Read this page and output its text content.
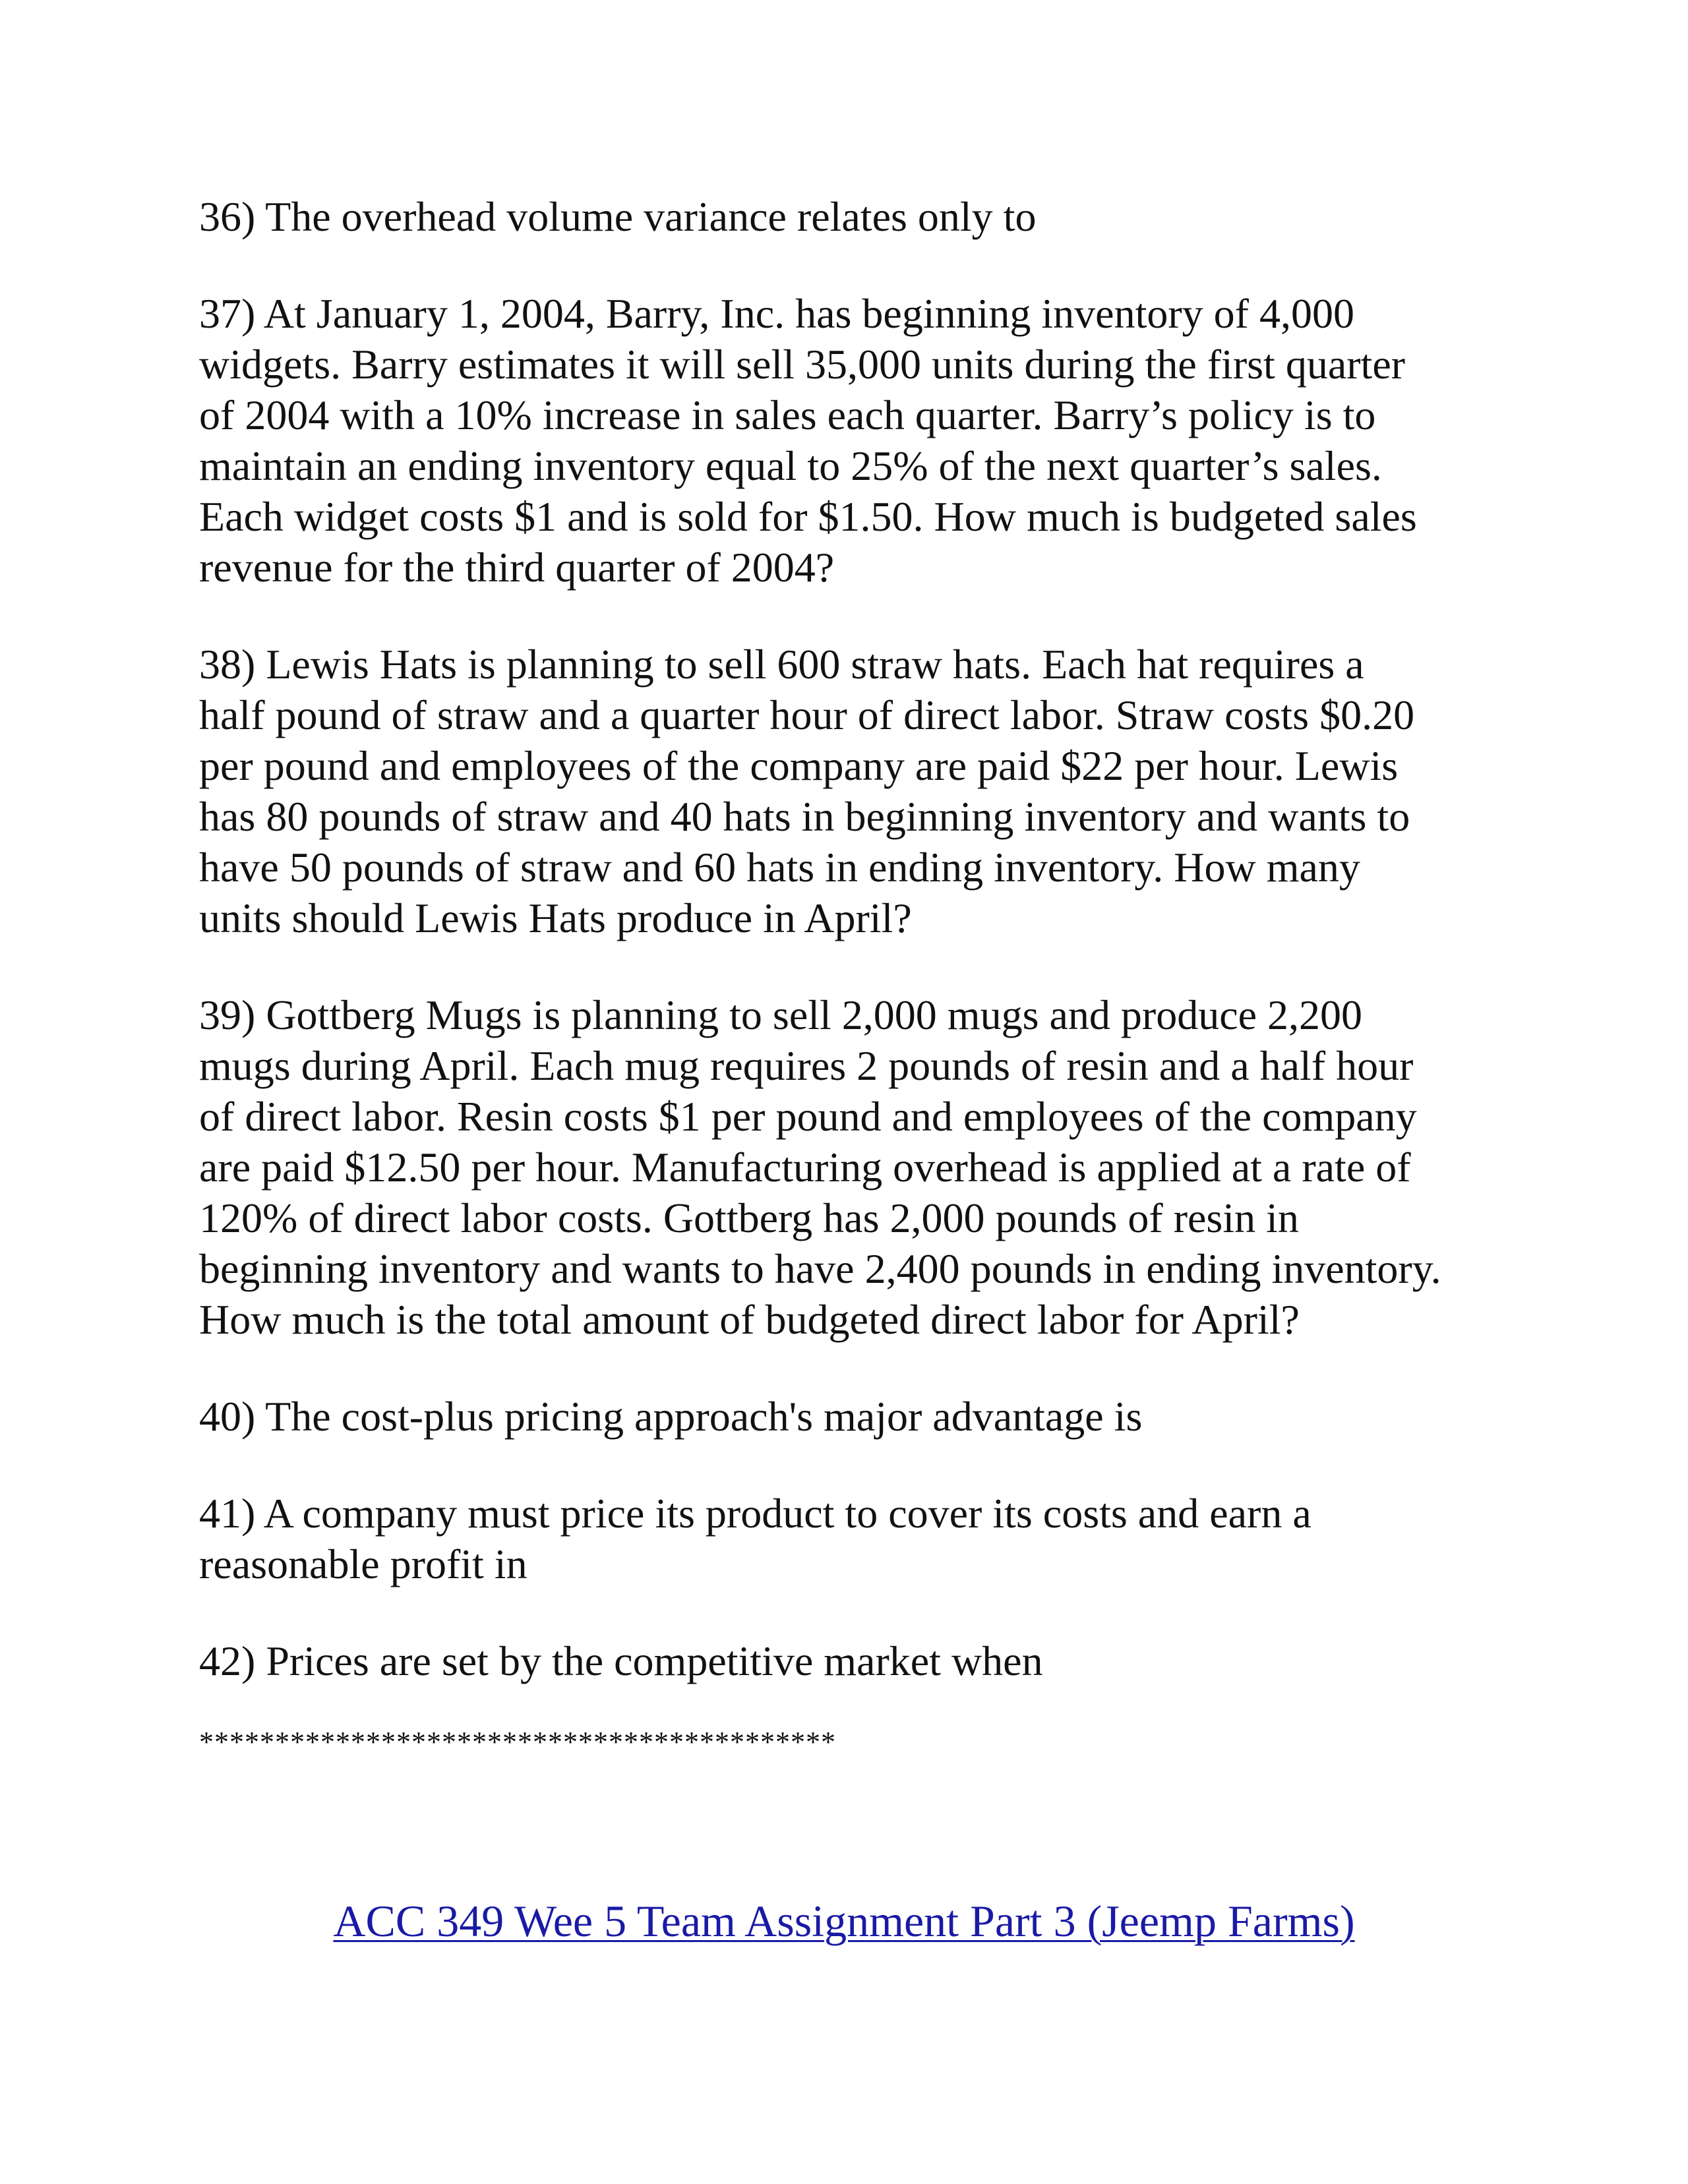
36) The overhead volume variance relates only to
37) At January 1, 2004, Barry, Inc. has beginning inventory of 4,000
widgets. Barry estimates it will sell 35,000 units during the first quarter
of 2004 with a 10% increase in sales each quarter. Barry’s policy is to
maintain an ending inventory equal to 25% of the next quarter’s sales.
Each widget costs $1 and is sold for $1.50. How much is budgeted sales
revenue for the third quarter of 2004?
38) Lewis Hats is planning to sell 600 straw hats. Each hat requires a
half pound of straw and a quarter hour of direct labor. Straw costs $0.20
per pound and employees of the company are paid $22 per hour. Lewis
has 80 pounds of straw and 40 hats in beginning inventory and wants to
have 50 pounds of straw and 60 hats in ending inventory. How many
units should Lewis Hats produce in April?
39) Gottberg Mugs is planning to sell 2,000 mugs and produce 2,200
mugs during April. Each mug requires 2 pounds of resin and a half hour
of direct labor. Resin costs $1 per pound and employees of the company
are paid $12.50 per hour. Manufacturing overhead is applied at a rate of
120% of direct labor costs. Gottberg has 2,000 pounds of resin in
beginning inventory and wants to have 2,400 pounds in ending inventory.
How much is the total amount of budgeted direct labor for April?
40) The cost-plus pricing approach's major advantage is
41) A company must price its product to cover its costs and earn a
reasonable profit in
42) Prices are set by the competitive market when
******************************************
ACC 349 Wee 5 Team Assignment Part 3 (Jeemp Farms)
